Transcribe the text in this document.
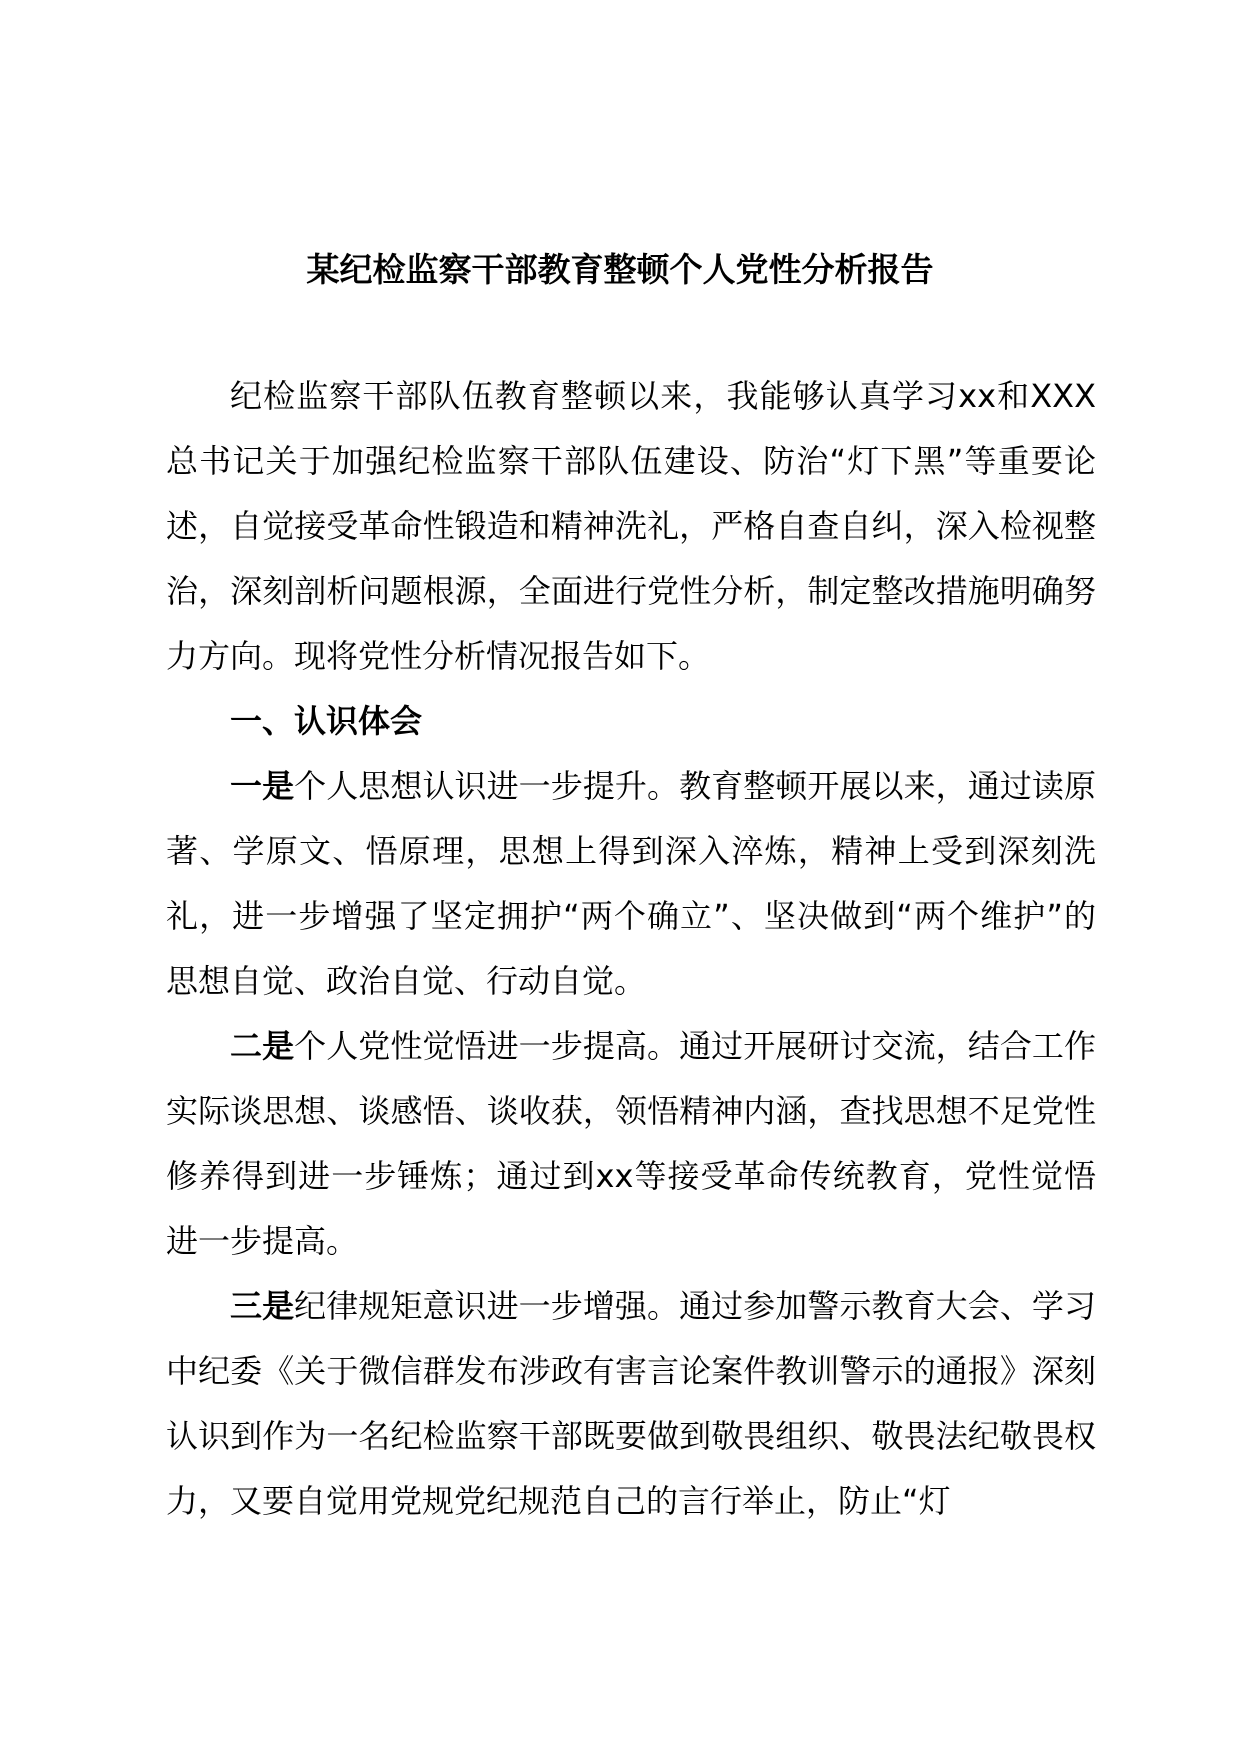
某纪检监察干部教育整顿个人党性分析报告

纪检监察干部队伍教育整顿以来，我能够认真学习xx和XXX总书记关于加强纪检监察干部队伍建设、防治“灯下黑”等重要论述，自觉接受革命性锻造和精神洗礼，严格自查自纠，深入检视整治，深刻剖析问题根源，全面进行党性分析，制定整改措施明确努力方向。现将党性分析情况报告如下。

一、认识体会

一是个人思想认识进一步提升。教育整顿开展以来，通过读原著、学原文、悟原理，思想上得到深入淬炼，精神上受到深刻洗礼，进一步增强了坚定拥护“两个确立”、坚决做到“两个维护”的思想自觉、政治自觉、行动自觉。

二是个人党性觉悟进一步提高。通过开展研讨交流，结合工作实际谈思想、谈感悟、谈收获，领悟精神内涵，查找思想不足党性修养得到进一步锤炼；通过到xx等接受革命传统教育，党性觉悟进一步提高。

三是纪律规矩意识进一步增强。通过参加警示教育大会、学习中纪委《关于微信群发布涉政有害言论案件教训警示的通报》深刻认识到作为一名纪检监察干部既要做到敬畏组织、敬畏法纪敬畏权力，又要自觉用党规党纪规范自己的言行举止，防止“灯
